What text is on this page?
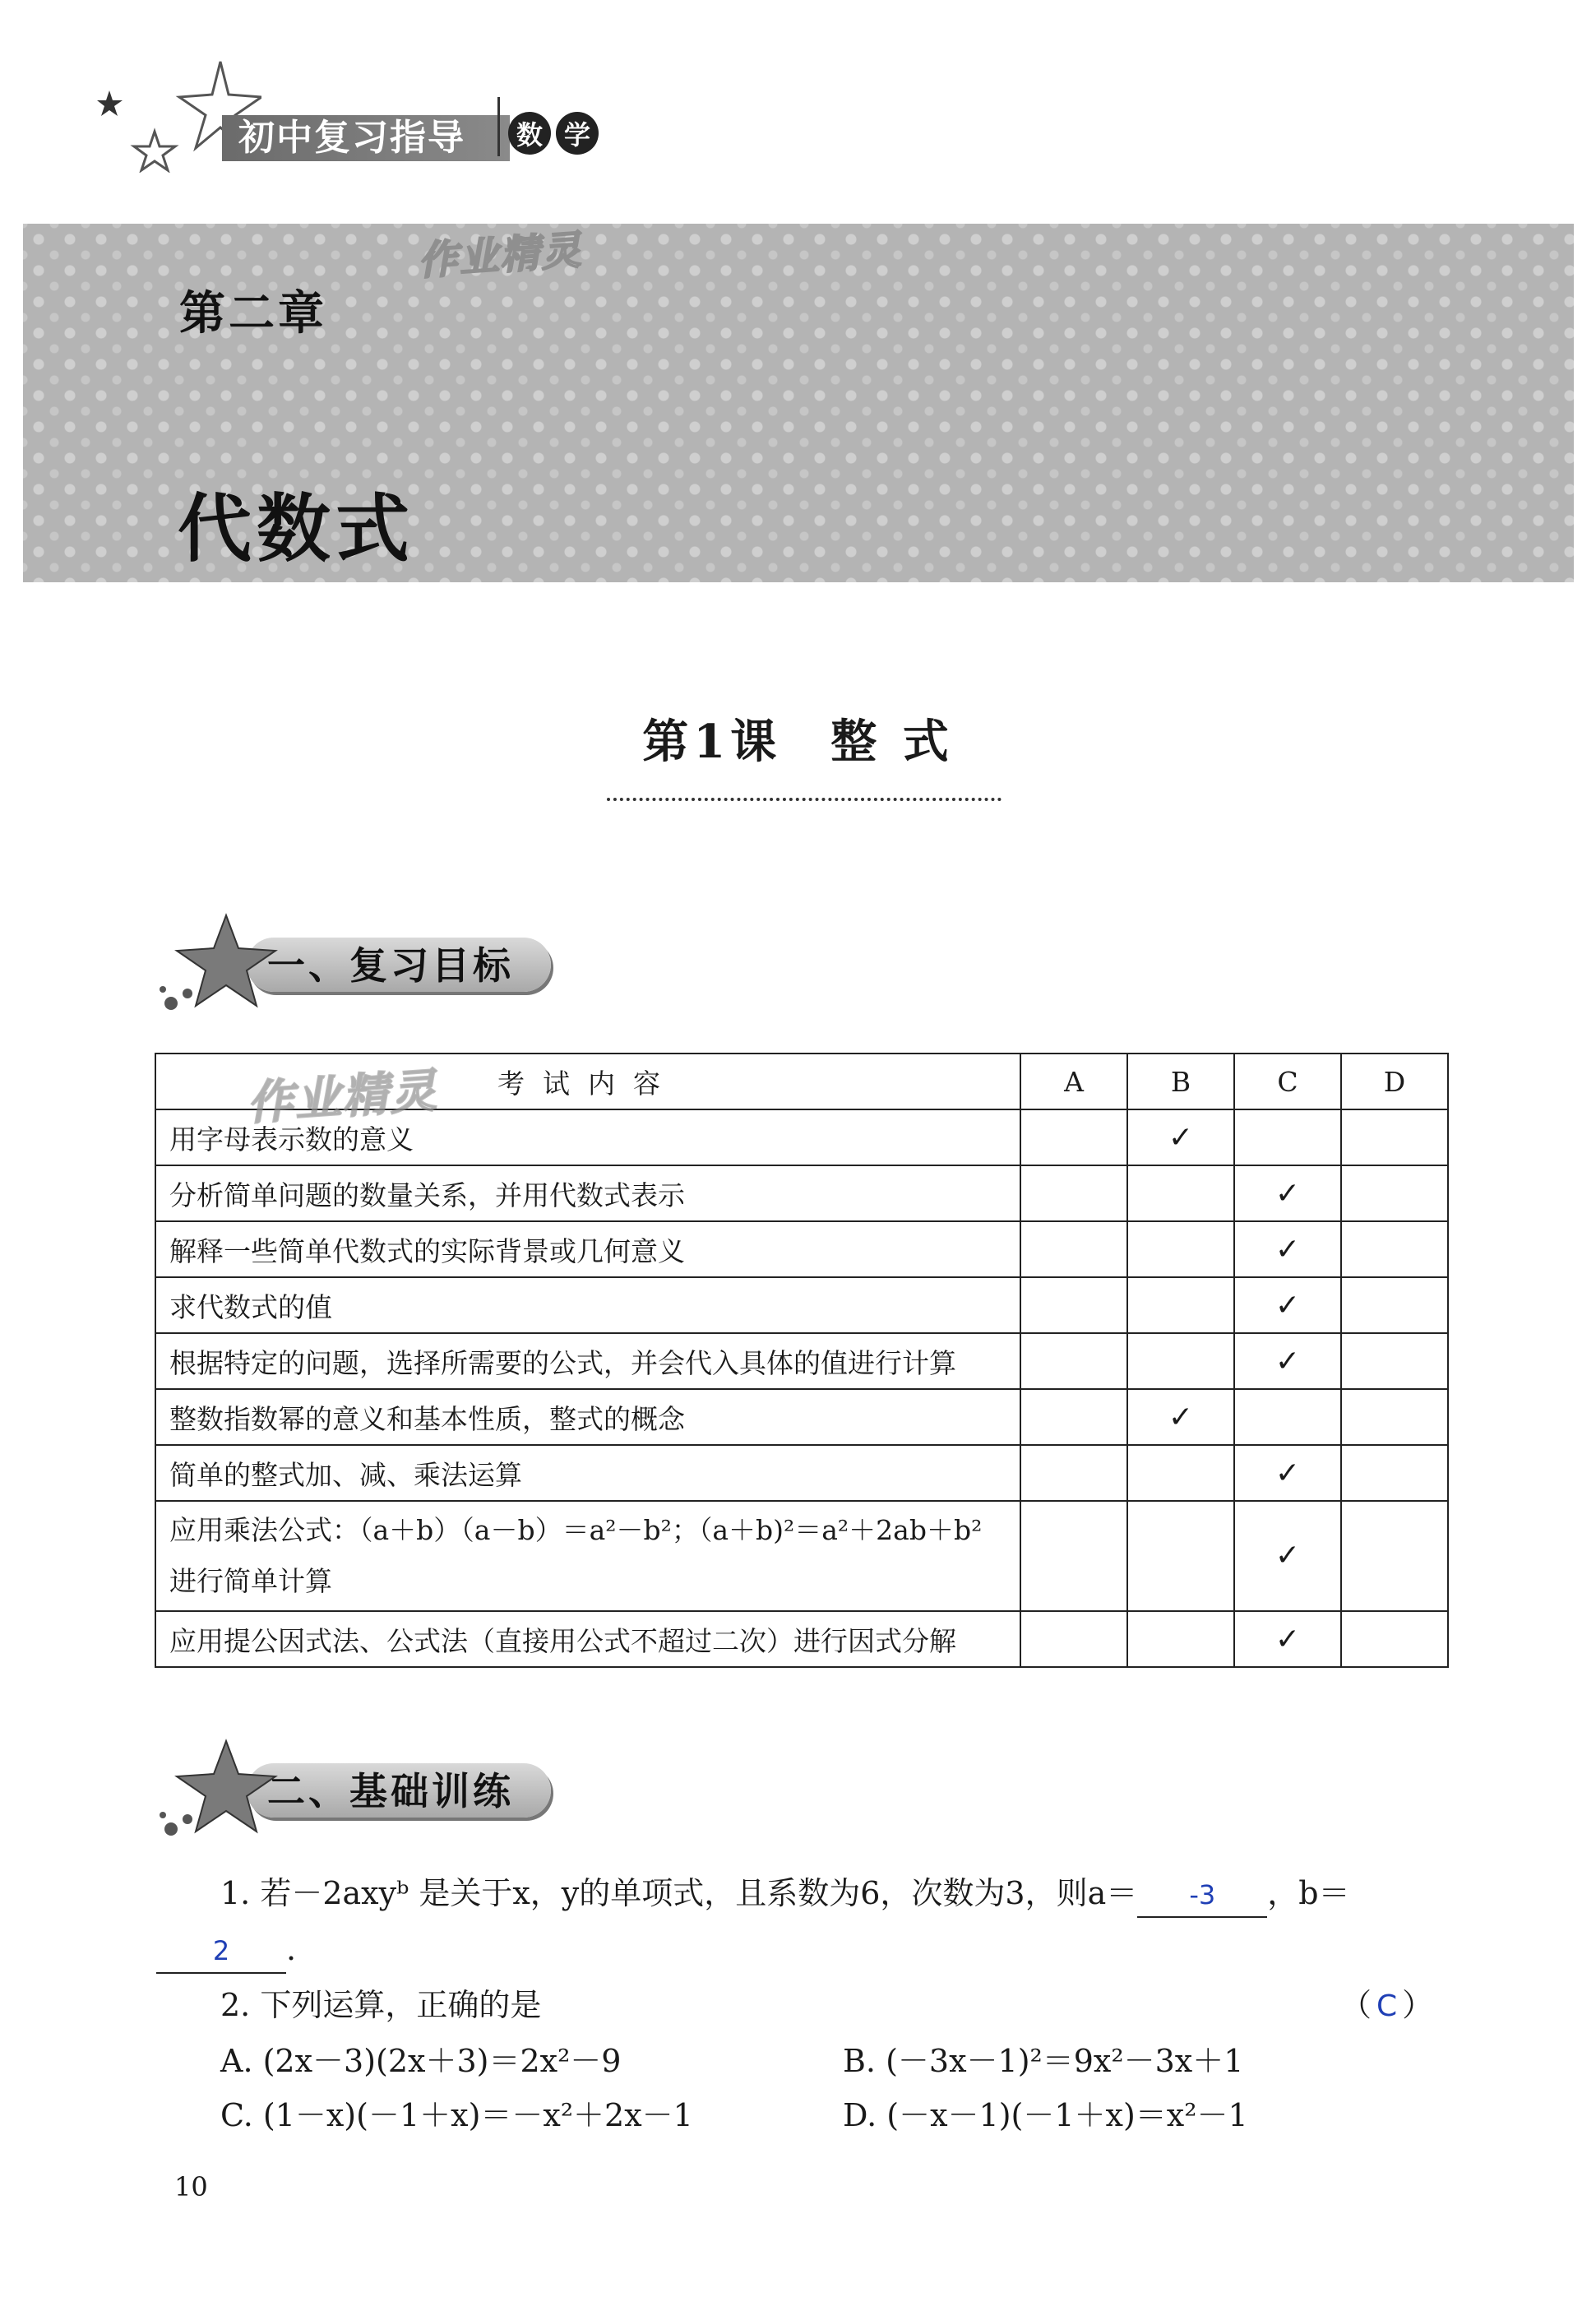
初中复习指导	数 学
作业精灵
第二章
代数式
第1课 整 式
一、复习目标
考试内容	A	B	C	D
用字母表示数的意义		✓		
分析简单问题的数量关系，并用代数式表示			✓	
解释一些简单代数式的实际背景或几何意义			✓	
求代数式的值			✓	
根据特定的问题，选择所需要的公式，并会代入具体的值进行计算			✓	
整数指数幂的意义和基本性质，整式的概念		✓		
简单的整式加、减、乘法运算			✓	

应用乘法公式：（a＋b）（a－b）＝a²－b²；（a＋b)²＝a²＋2ab＋b²
进行简单计算			✓	
应用提公因式法、公式法（直接用公式不超过二次）进行因式分解			✓	
作业精灵
二、基础训练
1. 若－2axyᵇ 是关于x，y的单项式，且系数为6，次数为3，则a＝ -3 ，b＝
2 .
2. 下列运算，正确的是	（ C ）
A. (2x－3)(2x＋3)＝2x²－9	B. (－3x－1)²＝9x²－3x＋1
C. (1－x)(－1＋x)＝－x²＋2x－1	D. (－x－1)(－1＋x)＝x²－1
10
